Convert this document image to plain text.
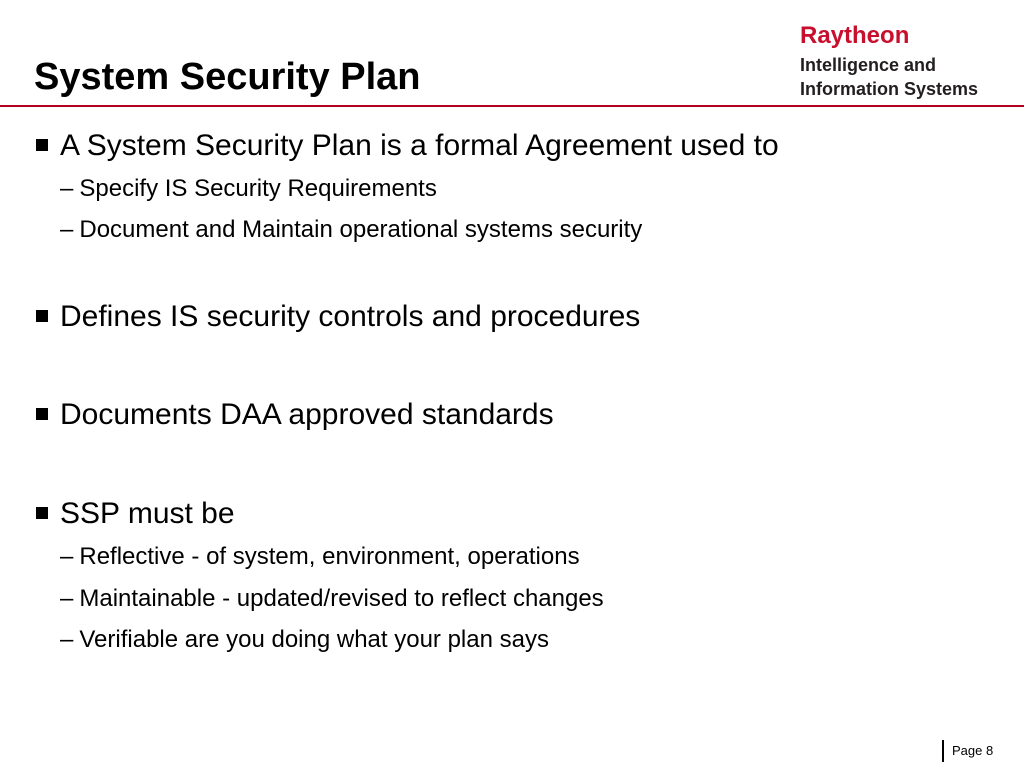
System Security Plan
Raytheon
Intelligence and
Information Systems
A System Security Plan is a formal Agreement used to
– Specify IS Security Requirements
– Document and Maintain operational systems security
Defines IS security controls and procedures
Documents DAA approved standards
SSP must be
– Reflective - of system, environment, operations
– Maintainable - updated/revised to reflect changes
– Verifiable are you doing what your plan says
Page 8
